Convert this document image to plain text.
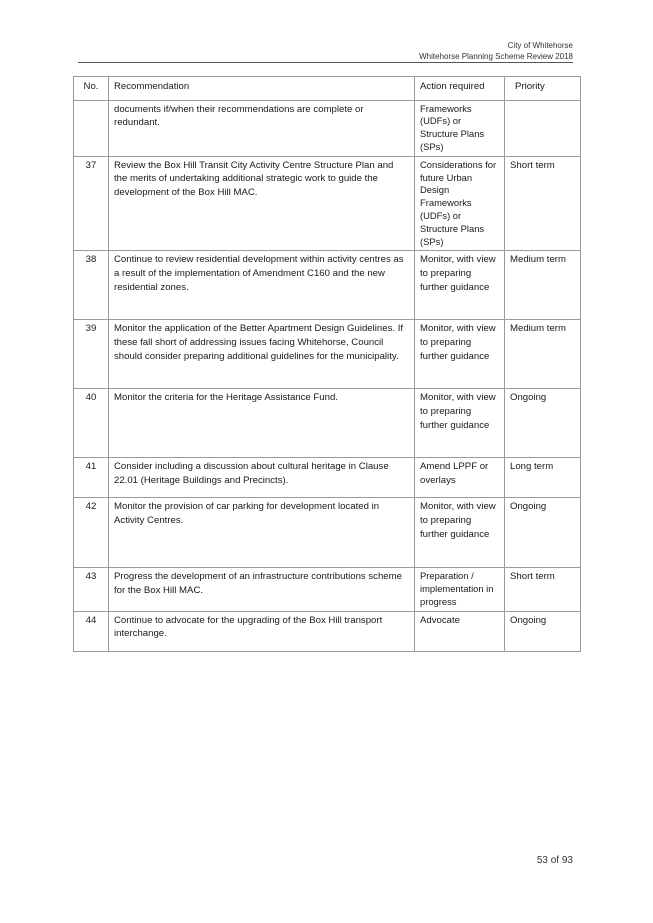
City of Whitehorse
Whitehorse Planning Scheme Review 2018
No.	Recommendation	Action required	Priority
	documents if/when their recommendations are complete or redundant.	Frameworks (UDFs) or Structure Plans (SPs)	
37	Review the Box Hill Transit City Activity Centre Structure Plan and the merits of undertaking additional strategic work to guide the development of the Box Hill MAC.	Considerations for future Urban Design Frameworks (UDFs) or Structure Plans (SPs)	Short term
38	Continue to review residential development within activity centres as a result of the implementation of Amendment C160 and the new residential zones.	Monitor, with view to preparing further guidance	Medium term
39	Monitor the application of the Better Apartment Design Guidelines. If these fall short of addressing issues facing Whitehorse, Council should consider preparing additional guidelines for the municipality.	Monitor, with view to preparing further guidance	Medium term
40	Monitor the criteria for the Heritage Assistance Fund.	Monitor, with view to preparing further guidance	Ongoing
41	Consider including a discussion about cultural heritage in Clause 22.01 (Heritage Buildings and Precincts).	Amend LPPF or overlays	Long term
42	Monitor the provision of car parking for development located in Activity Centres.	Monitor, with view to preparing further guidance	Ongoing
43	Progress the development of an infrastructure contributions scheme for the Box Hill MAC.	Preparation / implementation in progress	Short term
44	Continue to advocate for the upgrading of the Box Hill transport interchange.	Advocate	Ongoing
53 of 93
